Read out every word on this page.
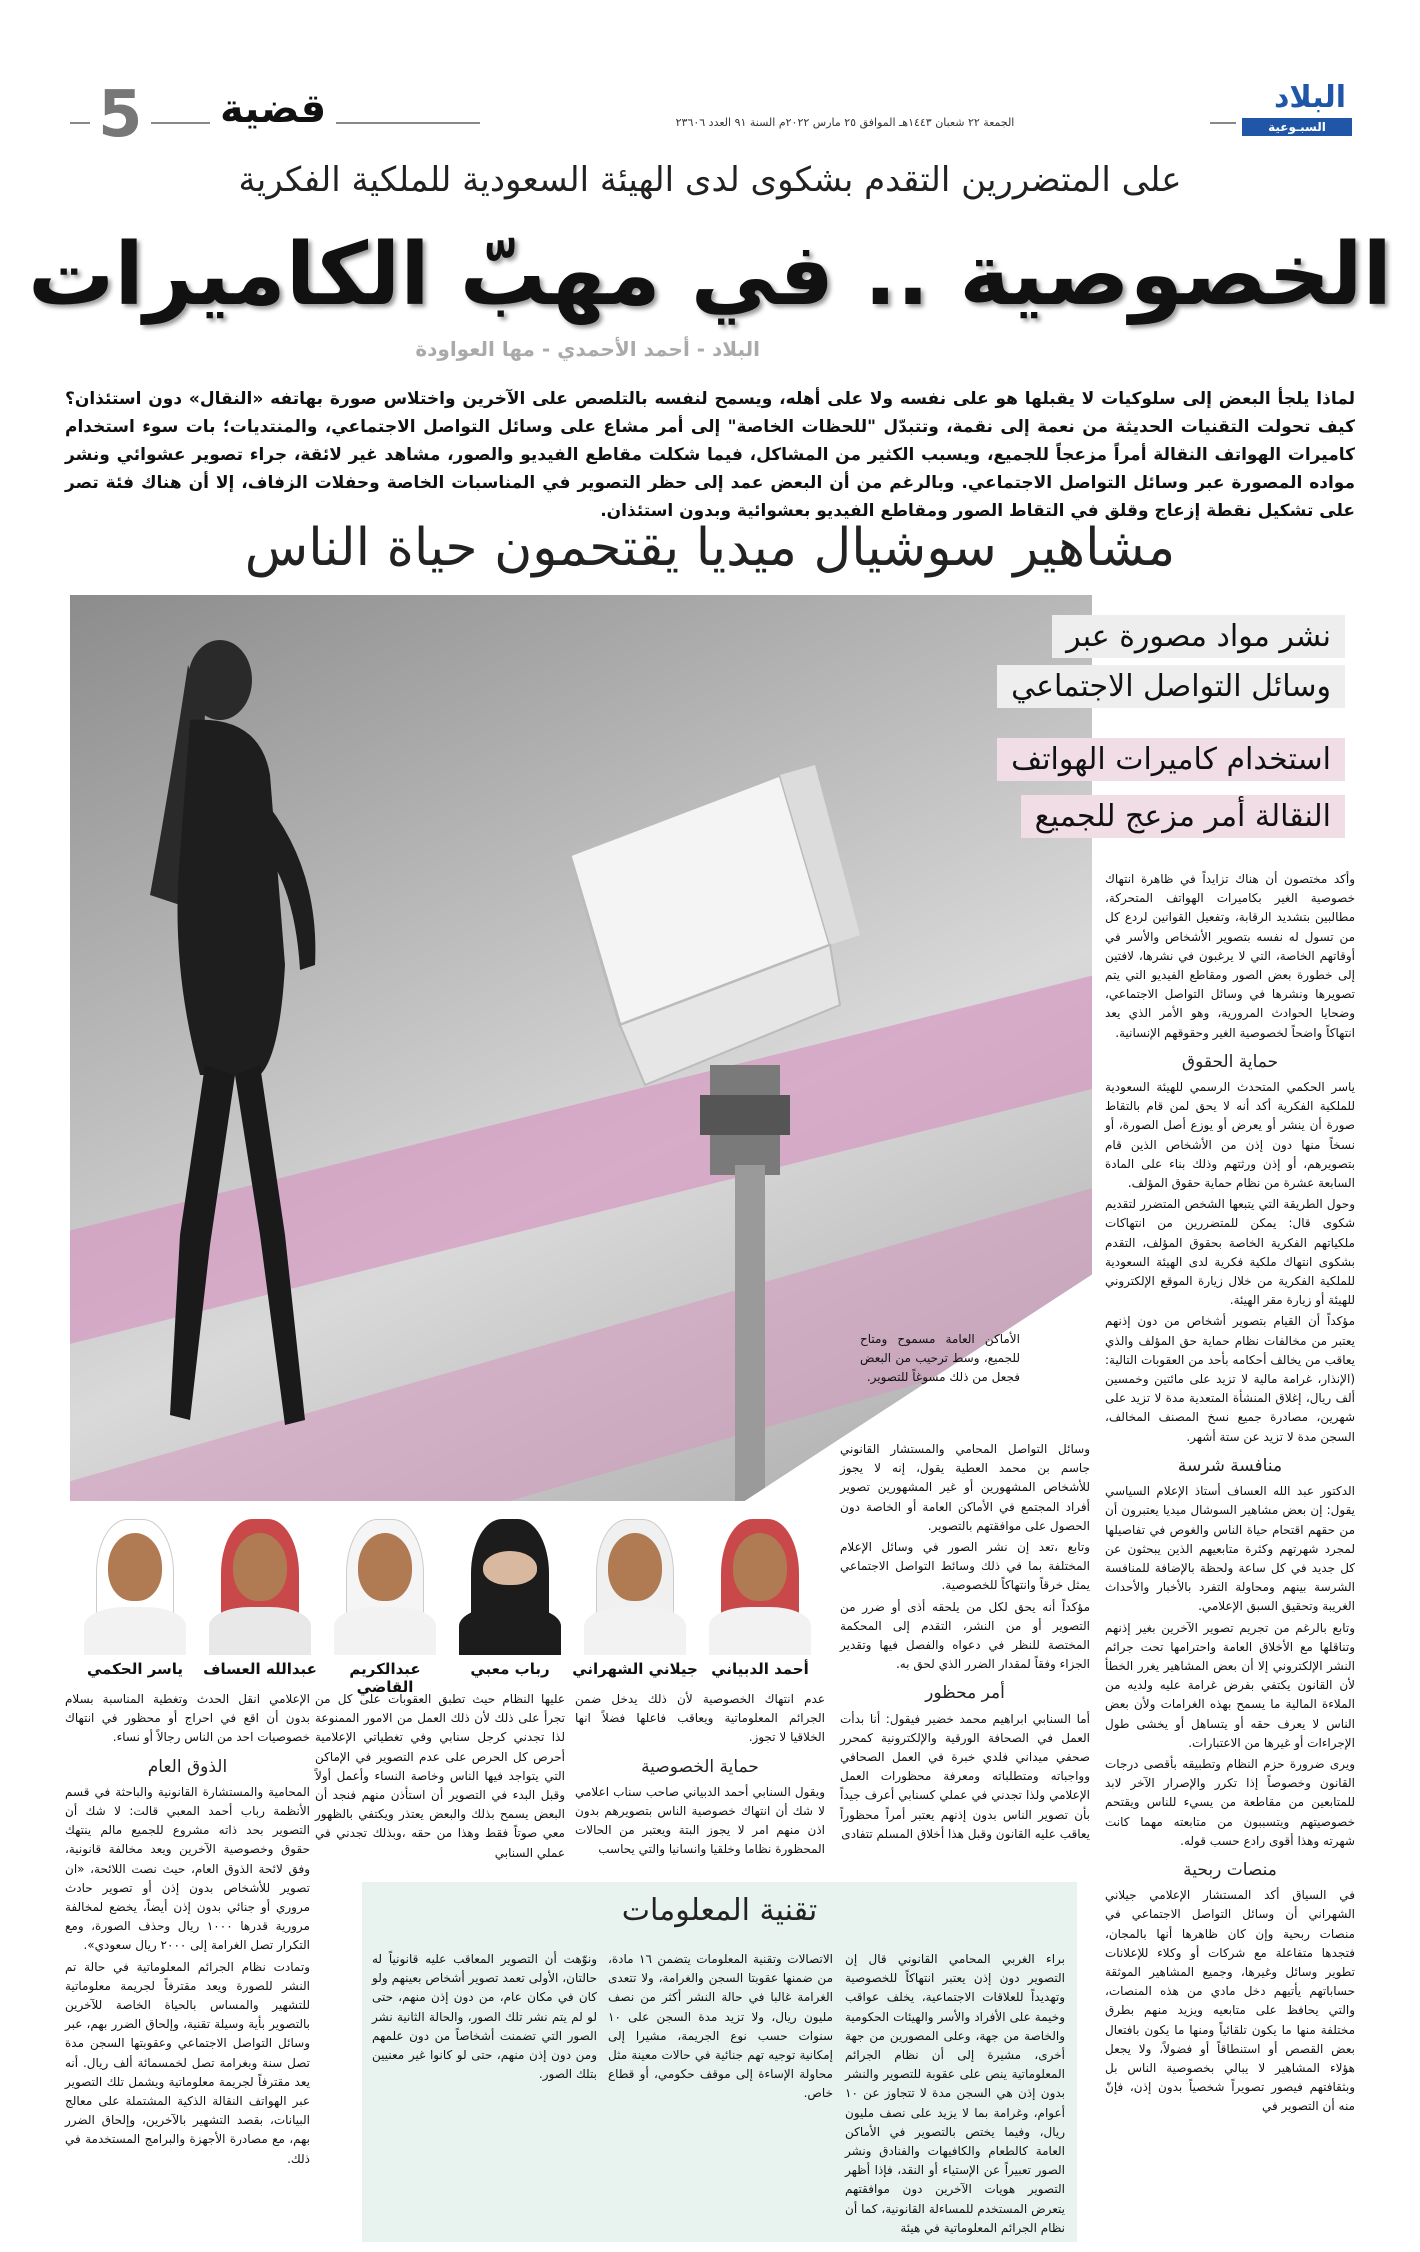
5 قضية	الجمعة ٢٢ شعبان ١٤٤٣هـ الموافق ٢٥ مارس ٢٠٢٢م السنة ٩١ العدد ٢٣٦٠٦
البلاد
السبـوعية
على المتضررين التقدم بشكوى لدى الهيئة السعودية للملكية الفكرية
الخصوصية .. في مهبّ الكاميرات
البلاد - أحمد الأحمدي - مها العواودة
لماذا يلجأ البعض إلى سلوكيات لا يقبلها هو على نفسه ولا على أهله، ويسمح لنفسه بالتلصص على الآخرين واختلاس صورة بهاتفه «النقال» دون استئذان؟ كيف تحولت التقنيات الحديثة من نعمة إلى نقمة، وتتبدّل "للحظات الخاصة" إلى أمر مشاع على وسائل التواصل الاجتماعي، والمنتديات؛ بات سوء استخدام كاميرات الهواتف النقالة أمراً مزعجاً للجميع، ويسبب الكثير من المشاكل، فيما شكلت مقاطع الفيديو والصور، مشاهد غير لائقة، جراء تصوير عشوائي ونشر مواده المصورة عبر وسائل التواصل الاجتماعي. وبالرغم من أن البعض عمد إلى حظر التصوير في المناسبات الخاصة وحفلات الزفاف، إلا أن هناك فئة تصر على تشكيل نقطة إزعاج وقلق في التقاط الصور ومقاطع الفيديو بعشوائية وبدون استئذان.
مشاهير سوشيال ميديا يقتحمون حياة الناس
نشر مواد مصورة عبر
وسائل التواصل الاجتماعي
استخدام كاميرات الهواتف
النقالة أمر مزعج للجميع

وأكد مختصون أن هناك تزايداً في ظاهرة انتهاك خصوصية الغير بكاميرات الهواتف المتحركة، مطالبين بتشديد الرقابة، وتفعيل القوانين لردع كل من تسول له نفسه بتصوير الأشخاص والأسر في أوقاتهم الخاصة، التي لا يرغبون في نشرها، لافتين إلى خطورة بعض الصور ومقاطع الفيديو التي يتم تصويرها ونشرها في وسائل التواصل الاجتماعي، وضحايا الحوادث المرورية، وهو الأمر الذي يعد انتهاكاً واضحاً لخصوصية الغير وحقوقهم الإنسانية.

حماية الحقوق

ياسر الحكمي المتحدث الرسمي للهيئة السعودية للملكية الفكرية أكد أنه لا يحق لمن قام بالتقاط صورة أن ينشر أو يعرض أو يوزع أصل الصورة، أو نسخاً منها دون إذن من الأشخاص الذين قام بتصويرهم، أو إذن ورثتهم وذلك بناء على المادة السابعة عشرة من نظام حماية حقوق المؤلف.

وحول الطريقة التي يتبعها الشخص المتضرر لتقديم شكوى قال: يمكن للمتضررين من انتهاكات ملكياتهم الفكرية الخاصة بحقوق المؤلف، التقدم بشكوى انتهاك ملكية فكرية لدى الهيئة السعودية للملكية الفكرية من خلال زيارة الموقع الإلكتروني للهيئة أو زيارة مقر الهيئة.

مؤكداً أن القيام بتصوير أشخاص من دون إذنهم يعتبر من مخالفات نظام حماية حق المؤلف والذي يعاقب من يخالف أحكامه بأحد من العقوبات التالية: (الإنذار، غرامة مالية لا تزيد على مائتين وخمسين ألف ريال، إغلاق المنشأة المتعدية مدة لا تزيد على شهرين، مصادرة جميع نسخ المصنف المخالف، السجن مدة لا تزيد عن ستة أشهر.

منافسة شرسة

الدكتور عبد الله العساف أستاذ الإعلام السياسي يقول: إن بعض مشاهير السوشال ميديا يعتبرون أن من حقهم اقتحام حياة الناس والغوص في تفاصيلها لمجرد شهرتهم وكثرة متابعيهم الذين يبحثون عن كل جديد في كل ساعة ولحظة بالإضافة للمنافسة الشرسة بينهم ومحاولة التفرد بالأخبار والأحداث الغريبة وتحقيق السبق الإعلامي.

وتابع بالرغم من تجريم تصوير الآخرين بغير إذنهم وتناقلها مع الأخلاق العامة واحترامها تحت جرائم النشر الإلكتروني إلا أن بعض المشاهير يغرر الخطأ لأن القانون يكتفي بفرض غرامة عليه ولديه من الملاءة المالية ما يسمح بهذه الغرامات ولأن بعض الناس لا يعرف حقه أو يتساهل أو يخشى طول الإجراءات أو غيرها من الاعتبارات.

ويرى ضرورة حزم النظام وتطبيقه بأقصى درجات القانون وخصوصاً إذا تكرر والإصرار الآخر لابد للمتابعين من مقاطعة من يسيء للناس ويقتحم خصوصيتهم ويتسببون من متابعته مهما كانت شهرته وهذا أقوى رادع حسب قوله.

منصات ربحية

في السياق أكد المستشار الإعلامي جيلاني الشهراني أن وسائل التواصل الاجتماعي في منصات ربحية وإن كان ظاهرها أنها بالمجان، فتجدها متفاعلة مع شركات أو وكلاء للإعلانات تطوير وسائل وغيرها، وجميع المشاهير الموثقة حساباتهم يأتيهم دخل مادي من هذه المنصات، والتي يحافظ على متابعيه ويزيد منهم بطرق مختلفة منها ما يكون تلقائياً ومنها ما يكون بافتعال بعض القصص أو استنطاقاً أو فضولاً، ولا يجعل هؤلاء المشاهير لا يبالي بخصوصية الناس بل وبثقافتهم فيصور تصويراً شخصياً بدون إذن، فإنّ منه أن التصوير في

الأماكن العامة مسموح ومتاح للجميع، وسط ترحيب من البعض فجعل من ذلك مسوغاً للتصوير.

وسائل التواصل المحامي والمستشار القانوني جاسم بن محمد العطية يقول، إنه لا يجوز للأشخاص المشهورين أو غير المشهورين تصوير أفراد المجتمع في الأماكن العامة أو الخاصة دون الحصول على موافقتهم بالتصوير.

وتابع ،تعد إن نشر الصور في وسائل الإعلام المختلفة بما في ذلك وسائط التواصل الاجتماعي يمثل خرقاً وانتهاكاً للخصوصية.

مؤكداً أنه يحق لكل من يلحقه أذى أو ضرر من التصوير أو من النشر، التقدم إلى المحكمة المختصة للنظر في دعواه والفصل فيها وتقدير الجزاء وفقاً لمقدار الضرر الذي لحق به.

أمر محظور

أما السنابي ابراهيم محمد خضير فيقول: أنا بدأت العمل في الصحافة الورقية والإلكترونية كمحرر صحفي ميداني فلدي خبرة في العمل الصحافي وواجباته ومتطلباته ومعرفة محظورات العمل الإعلامي ولذا تجدني في عملي كسنابي أعرف جيداً بأن تصوير الناس بدون إذنهم يعتبر أمراً محظوراً يعاقب عليه القانون وقبل هذا أخلاق المسلم تتفادى

أحمد الدبياني
جيلاني الشهراني
رباب معبي
عبدالكريم القاضي
عبدالله العساف
ياسر الحكمي

عدم انتهاك الخصوصية لأن ذلك يدخل ضمن الجرائم المعلوماتية ويعاقب فاعلها فضلاً انها الخلاقيا لا تجوز.

حماية الخصوصية

ويقول السنابي أحمد الدبياني صاحب سناب اعلامي لا شك أن انتهاك خصوصية الناس بتصويرهم بدون اذن منهم امر لا يجوز البتة ويعتبر من الحالات المحظورة نظاما وخلقيا وانسانيا والتي يحاسب

عليها النظام حيث تطبق العقوبات على كل من تجرأ على ذلك لأن ذلك العمل من الامور الممنوعة لذا تجدني كرجل سنابي وفي تغطياتي الإعلامية أحرص كل الحرص على عدم التصوير في الإماكن التي يتواجد فيها الناس وخاصة النساء وأعمل أولاً وقبل البدء في التصوير أن استأذن منهم فنجد أن البعض يسمح بذلك والبعض يعتذر ويكتفي بالظهور معي صوتاً فقط وهذا من حقه ،وبذلك تجدني في عملي السنابي

الإعلامي انقل الحدث وتغطية المناسبة بسلام بدون أن اقع في احراج أو محظور في انتهاك خصوصيات احد من الناس رجالاً أو نساء.

الذوق العام

المحامية والمستشارة القانونية والباحثة في قسم الأنظمة رباب أحمد المعبي قالت: لا شك أن التصوير بحد ذاته مشروع للجميع مالم ينتهك حقوق وخصوصية الآخرين ويعد مخالفة قانونية، وفق لائحة الذوق العام، حيث نصت اللائحة، «ان تصوير للأشخاص بدون إذن أو تصوير حادث مروري أو جنائي بدون إذن أيضاً، يخضع لمخالفة مرورية قدرها ١٠٠٠ ريال وحذف الصورة، ومع التكرار تصل الغرامة إلى ٢٠٠٠ ريال سعودي».

وتمادت نظام الجرائم المعلوماتية في حالة تم النشر للصورة ويعد مقترفاً لجريمة معلوماتية للتشهير والمساس بالحياة الخاصة للآخرين بالتصوير بأية وسيلة تقنية، وإلحاق الضرر بهم، عبر وسائل التواصل الاجتماعي وعقوبتها السجن مدة تصل سنة وبغرامة تصل لخمسمائة ألف ريال. أنه يعد مقترفاً لجريمة معلوماتية ويشمل تلك التصوير عبر الهواتف النقالة الذكية المشتملة على معالج البيانات، بقصد التشهير بالآخرين، وإلحاق الضرر بهم، مع مصادرة الأجهزة والبرامج المستخدمة في ذلك.

تقنية المعلومات
براء الغربي المحامي القانوني قال إن التصوير دون إذن يعتبر انتهاكاً للخصوصية وتهديداً للعلاقات الاجتماعية، يخلف عواقب وخيمة على الأفراد والأسر والهيئات الحكومية والخاصة من جهة، وعلى المصورين من جهة أخرى، مشيرة إلى أن نظام الجرائم المعلوماتية ينص على عقوبة للتصوير والنشر بدون إذن هي السجن مدة لا تتجاوز عن ١٠ أعوام، وغرامة بما لا يزيد على نصف مليون ريال، وفيما يختص بالتصوير في الأماكن العامة كالطعام والكافيهات والفنادق ونشر الصور تعبيراً عن الإستياء أو النقد، فإذا أظهر التصوير هويات الآخرين دون موافقتهم يتعرض المستخدم للمساءلة القانونية، كما أن نظام الجرائم المعلوماتية في هيئة
الاتصالات وتقنية المعلومات يتضمن ١٦ مادة، من ضمنها عقوبتا السجن والغرامة، ولا تتعدى الغرامة غالبا في حالة النشر أكثر من نصف مليون ريال، ولا تزيد مدة السجن على ١٠ سنوات حسب نوع الجريمة، مشيرا إلى إمكانية توجيه تهم جنائية في حالات معينة مثل محاولة الإساءة إلى موقف حكومي، أو قطاع خاص.
ونوّهت أن التصوير المعاقب عليه قانونياً له حالتان، الأولى تعمد تصوير أشخاص بعينهم ولو كان في مكان عام، من دون إذن منهم، حتى لو لم يتم نشر تلك الصور، والحالة الثانية نشر الصور التي تضمنت أشخاصاً من دون علمهم ومن دون إذن منهم، حتى لو كانوا غير معنيين بتلك الصور.
